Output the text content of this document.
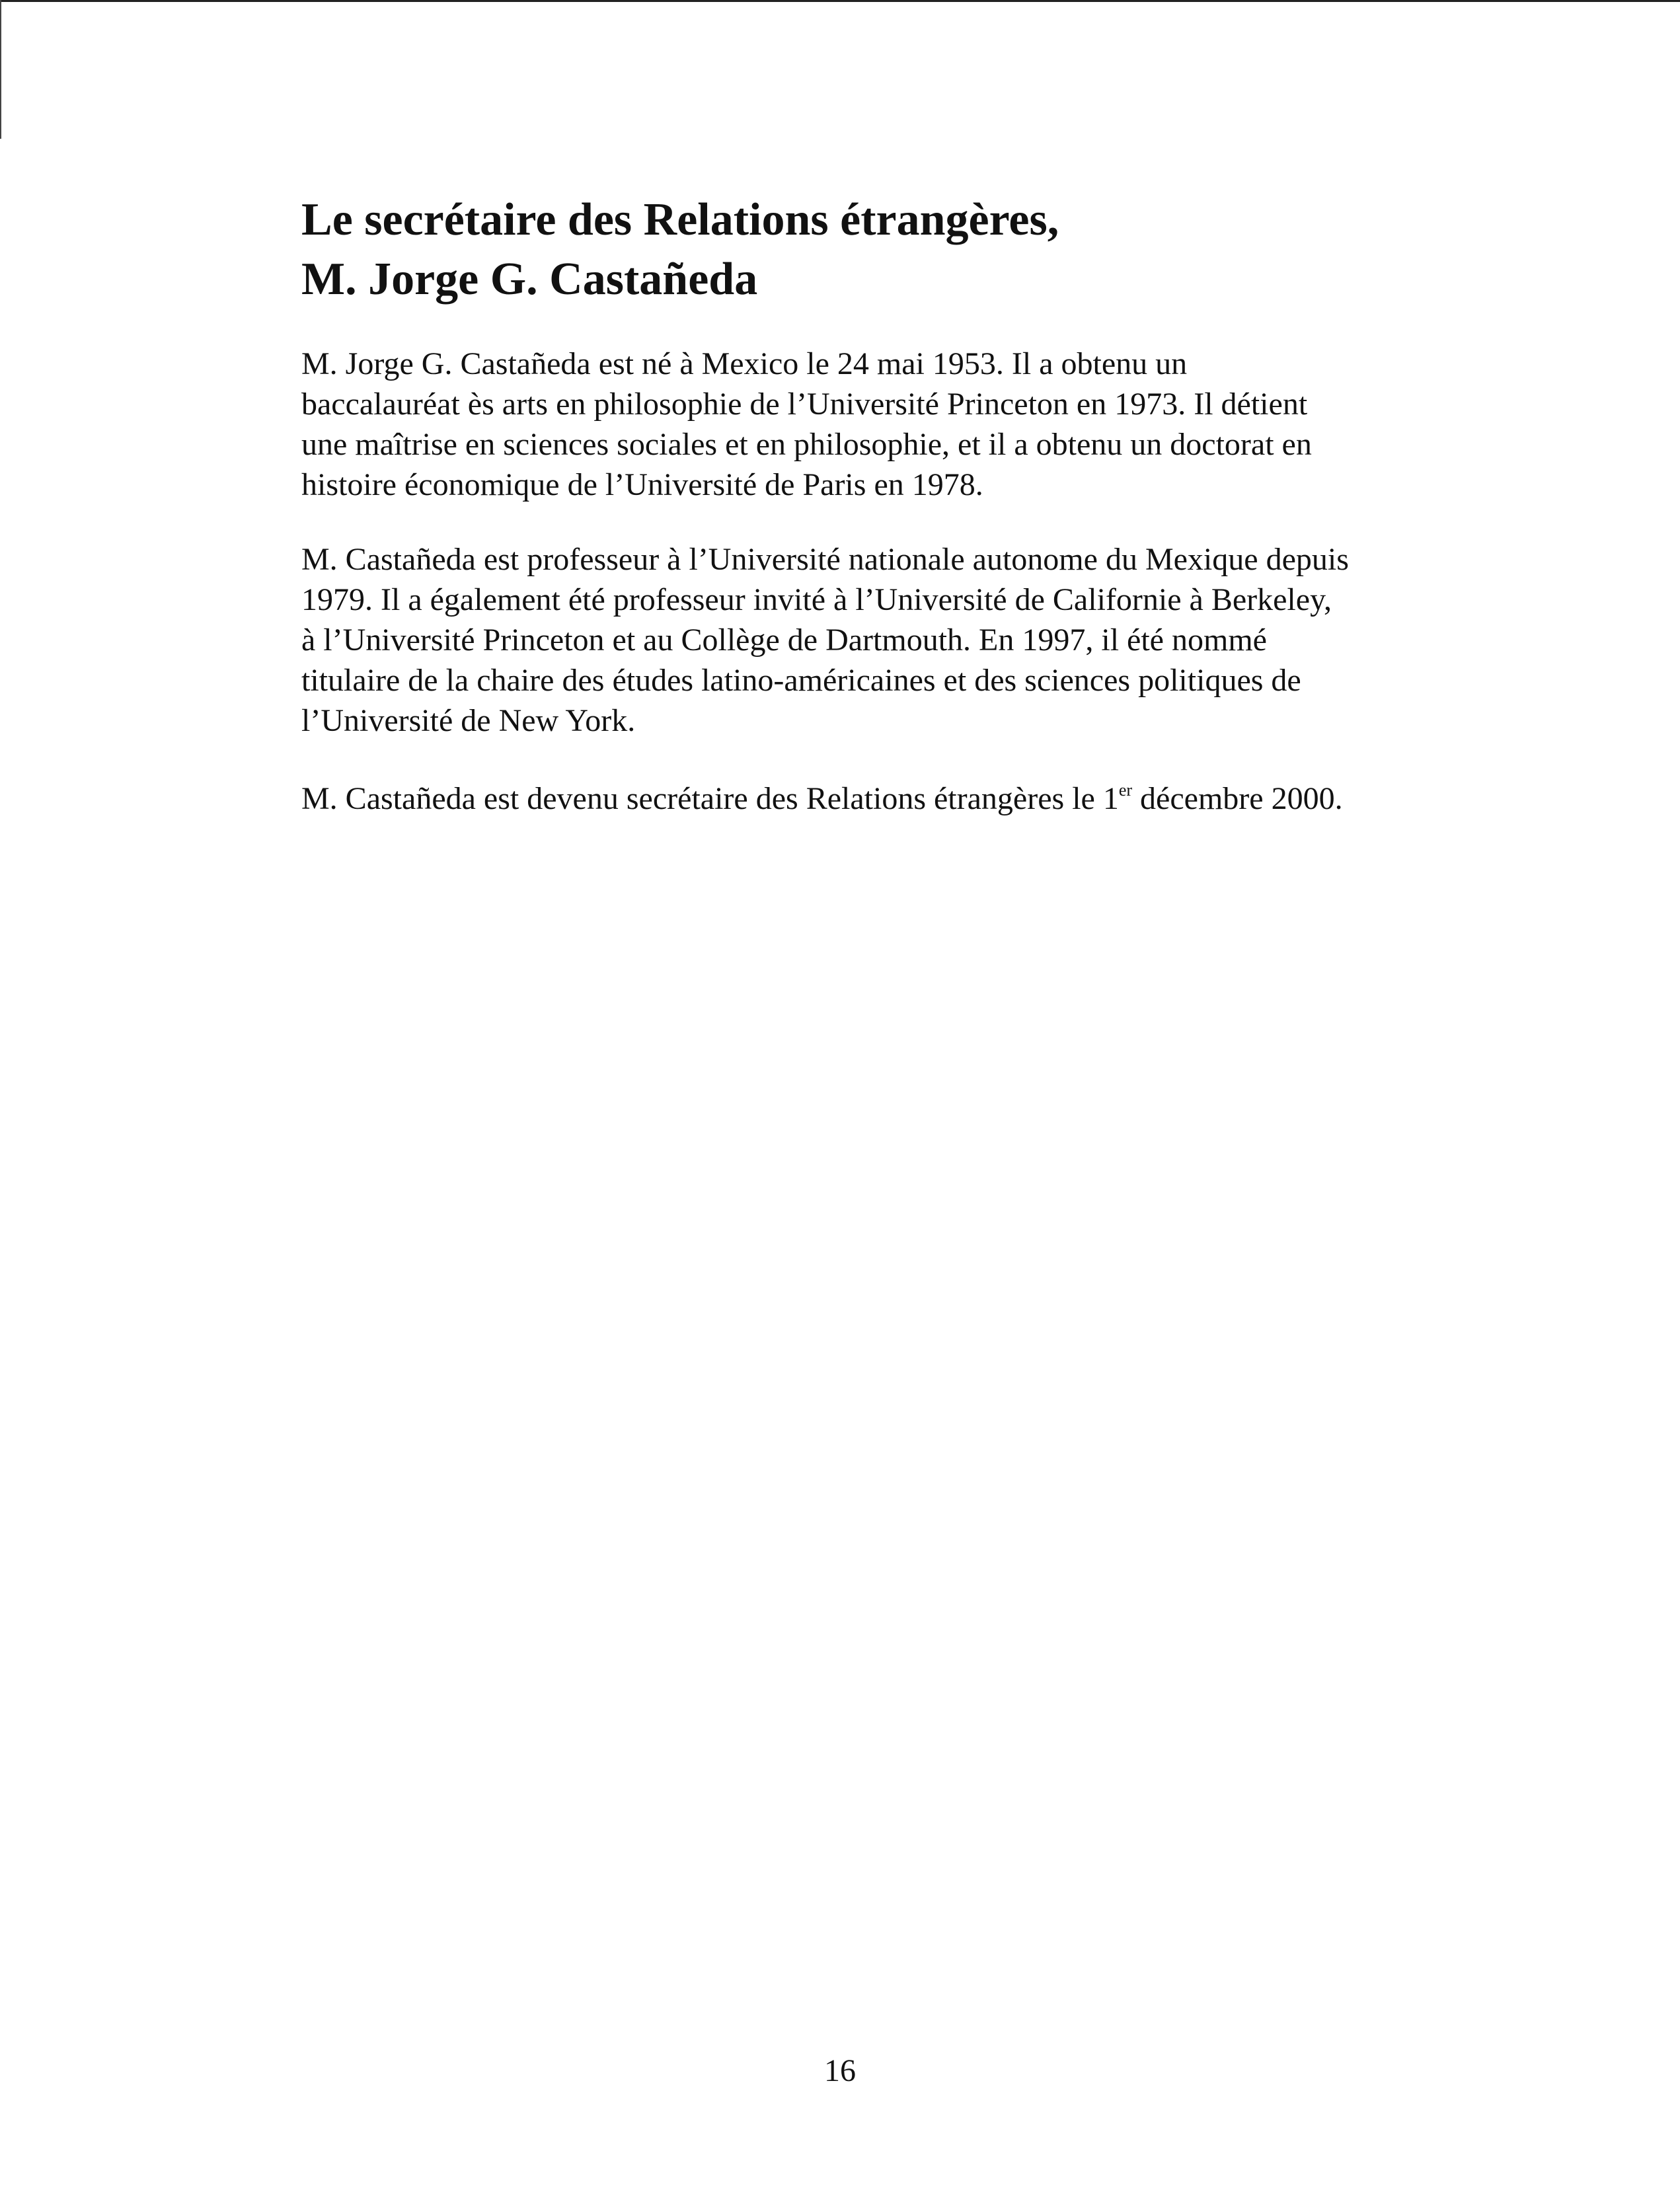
Le secrétaire des Relations étrangères,
M. Jorge G. Castañeda

M. Jorge G. Castañeda est né à Mexico le 24 mai 1953. Il a obtenu un
baccalauréat ès arts en philosophie de l’Université Princeton en 1973. Il détient
une maîtrise en sciences sociales et en philosophie, et il a obtenu un doctorat en
histoire économique de l’Université de Paris en 1978.

M. Castañeda est professeur à l’Université nationale autonome du Mexique depuis
1979. Il a également été professeur invité à l’Université de Californie à Berkeley,
à l’Université Princeton et au Collège de Dartmouth. En 1997, il été nommé
titulaire de la chaire des études latino-américaines et des sciences politiques de
l’Université de New York.

M. Castañeda est devenu secrétaire des Relations étrangères le 1er décembre 2000.

16
